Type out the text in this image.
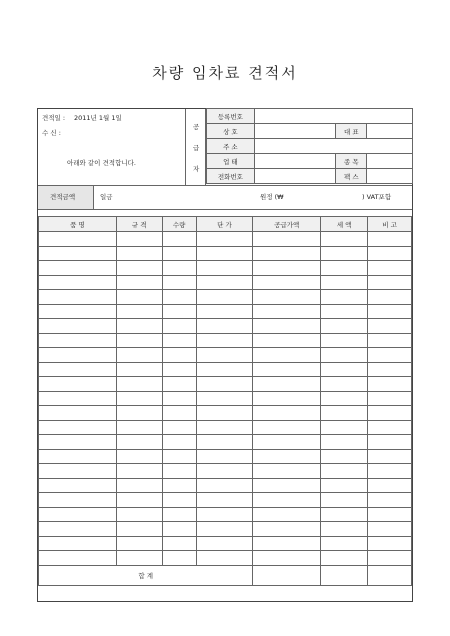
차량 임차료 견적서
견적일 : 2011년 1월 1일
수 신 :
아래와 같이 견적합니다.
공
급
자
등록번호			
상 호		대 표	
주 소			
업 태		종 목	
전화번호		팩 스	
견적금액	일금	원정 (₩	) VAT포함
품 명	규 격	수량	단 가	공급가액	세 액	비 고

합 계						
